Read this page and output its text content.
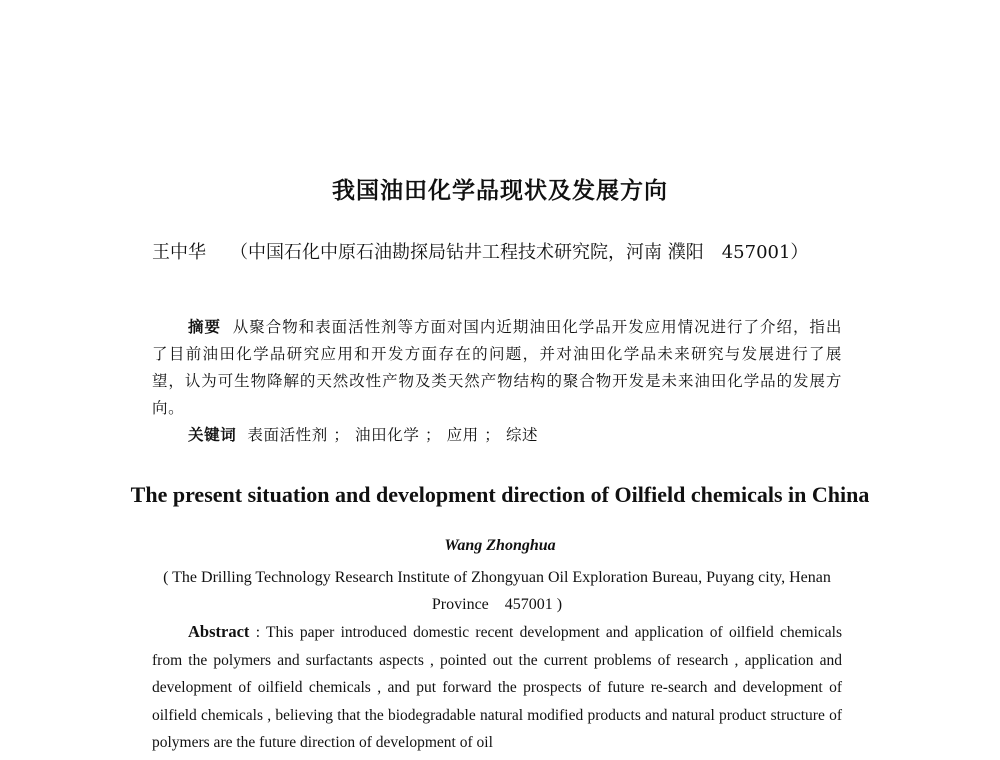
我国油田化学品现状及发展方向
王中华 （中国石化中原石油勘探局钻井工程技术研究院，河南 濮阳　457001）
摘要 从聚合物和表面活性剂等方面对国内近期油田化学品开发应用情况进行了介绍，指出了目前油田化学品研究应用和开发方面存在的问题，并对油田化学品未来研究与发展进行了展望，认为可生物降解的天然改性产物及类天然产物结构的聚合物开发是未来油田化学品的发展方向。
关键词 表面活性剂 ； 油田化学 ； 应用 ； 综述
The present situation and development direction of Oilfield chemicals in China
Wang Zhonghua
( The Drilling Technology Research Institute of Zhongyuan Oil Exploration Bureau, Puyang city, Henan Province　457001 )
Abstract : This paper introduced domestic recent development and application of oilfield chemicals from the polymers and surfactants aspects , pointed out the current problems of research , application and development of oilfield chemicals , and put forward the prospects of future re-search and development of oilfield chemicals , believing that the biodegradable natural modified products and natural product structure of polymers are the future direction of development of oil
